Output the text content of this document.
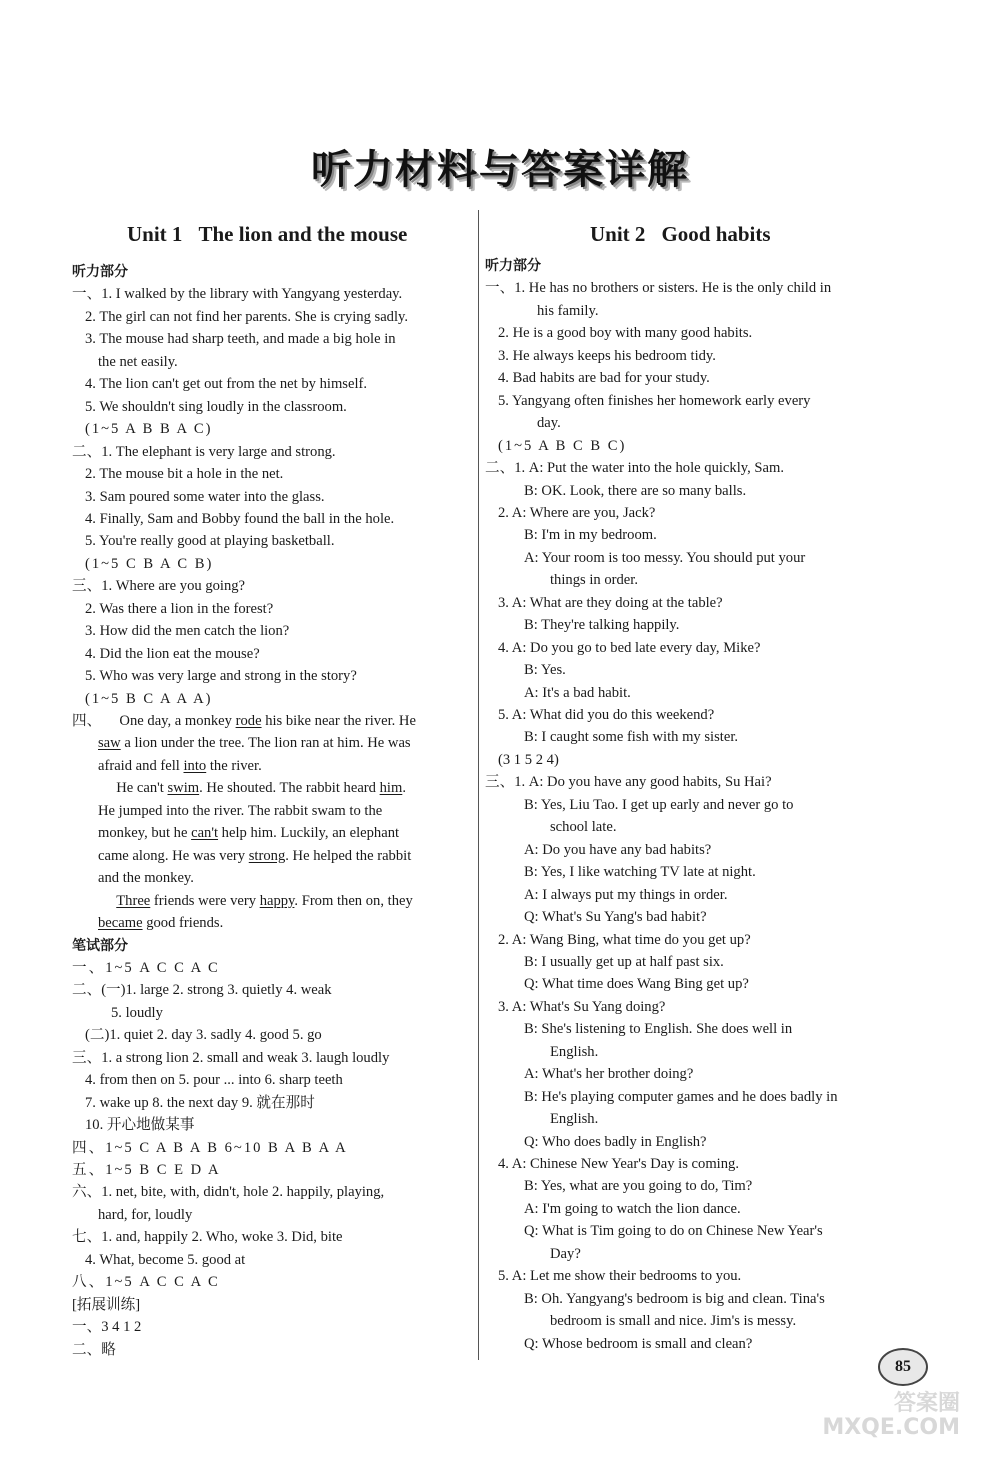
听力材料与答案详解
Unit 1 The lion and the mouse
听力部分
一、1. I walked by the library with Yangyang yesterday.
2. The girl can not find her parents. She is crying sadly.
3. The mouse had sharp teeth, and made a big hole in
the net easily.
4. The lion can't get out from the net by himself.
5. We shouldn't sing loudly in the classroom.
(1~5 A B B A C)
二、1. The elephant is very large and strong.
2. The mouse bit a hole in the net.
3. Sam poured some water into the glass.
4. Finally, Sam and Bobby found the ball in the hole.
5. You're really good at playing basketball.
(1~5 C B A C B)
三、1. Where are you going?
2. Was there a lion in the forest?
3. How did the men catch the lion?
4. Did the lion eat the mouse?
5. Who was very large and strong in the story?
(1~5 B C A A A)
四、     One day, a monkey rode his bike near the river. He
saw a lion under the tree. The lion ran at him. He was
afraid and fell into the river.
He can't swim. He shouted. The rabbit heard him.
He jumped into the river. The rabbit swam to the
monkey, but he can't help him. Luckily, an elephant
came along. He was very strong. He helped the rabbit
and the monkey.
Three friends were very happy. From then on, they
became good friends.
笔试部分
一、1~5 A C C A C
二、(一)1. large 2. strong 3. quietly 4. weak
5. loudly
(二)1. quiet 2. day 3. sadly 4. good 5. go
三、1. a strong lion 2. small and weak 3. laugh loudly
4. from then on 5. pour ... into 6. sharp teeth
7. wake up 8. the next day 9. 就在那时
10. 开心地做某事
四、1~5 C A B A B 6~10 B A B A A
五、1~5 B C E D A
六、1. net, bite, with, didn't, hole 2. happily, playing,
hard, for, loudly
七、1. and, happily 2. Who, woke 3. Did, bite
4. What, become 5. good at
八、1~5 A C C A C
[拓展训练]
一、3 4 1 2
二、略
Unit 2 Good habits
听力部分
一、1. He has no brothers or sisters. He is the only child in
his family.
2. He is a good boy with many good habits.
3. He always keeps his bedroom tidy.
4. Bad habits are bad for your study.
5. Yangyang often finishes her homework early every
day.
(1~5 A B C B C)
二、1. A: Put the water into the hole quickly, Sam.
B: OK. Look, there are so many balls.
2. A: Where are you, Jack?
B: I'm in my bedroom.
A: Your room is too messy. You should put your
things in order.
3. A: What are they doing at the table?
B: They're talking happily.
4. A: Do you go to bed late every day, Mike?
B: Yes.
A: It's a bad habit.
5. A: What did you do this weekend?
B: I caught some fish with my sister.
(3 1 5 2 4)
三、1. A: Do you have any good habits, Su Hai?
B: Yes, Liu Tao. I get up early and never go to
school late.
A: Do you have any bad habits?
B: Yes, I like watching TV late at night.
A: I always put my things in order.
Q: What's Su Yang's bad habit?
2. A: Wang Bing, what time do you get up?
B: I usually get up at half past six.
Q: What time does Wang Bing get up?
3. A: What's Su Yang doing?
B: She's listening to English. She does well in
English.
A: What's her brother doing?
B: He's playing computer games and he does badly in
English.
Q: Who does badly in English?
4. A: Chinese New Year's Day is coming.
B: Yes, what are you going to do, Tim?
A: I'm going to watch the lion dance.
Q: What is Tim going to do on Chinese New Year's
Day?
5. A: Let me show their bedrooms to you.
B: Oh. Yangyang's bedroom is big and clean. Tina's
bedroom is small and nice. Jim's is messy.
Q: Whose bedroom is small and clean?
85
答案圈
MXQE.COM
